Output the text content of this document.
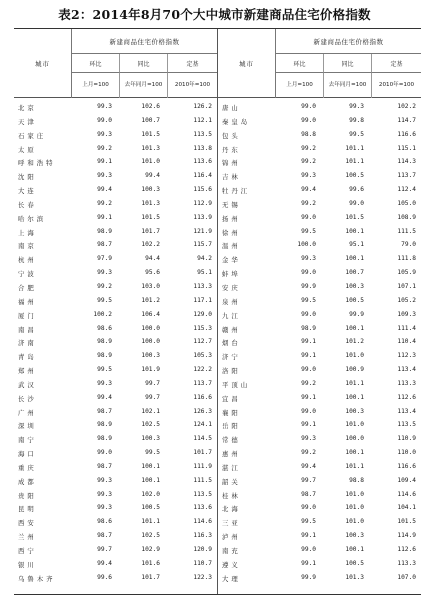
表2：2014年8月70个大中城市新建商品住宅价格指数
城市
新建商品住宅价格指数
环比	同比	定基
上月=100	去年同月=100	2010年=100
北京	99.3	102.6	126.2
天津	99.0	100.7	112.1
石家庄	99.3	101.5	113.5
太原	99.2	101.3	113.8
呼和浩特	99.1	101.0	113.6
沈阳	99.3	99.4	116.4
大连	99.4	100.3	115.6
长春	99.2	101.3	112.9
哈尔滨	99.1	101.5	113.9
上海	98.9	101.7	121.9
南京	98.7	102.2	115.7
杭州	97.9	94.4	94.2
宁波	99.3	95.6	95.1
合肥	99.2	103.0	113.3
福州	99.5	101.2	117.1
厦门	100.2	106.4	129.0
南昌	98.6	100.0	115.3
济南	98.9	100.0	112.7
青岛	98.9	100.3	105.3
郑州	99.5	101.9	122.2
武汉	99.3	99.7	113.7
长沙	99.4	99.7	116.6
广州	98.7	102.1	126.3
深圳	98.9	102.5	124.1
南宁	98.9	100.3	114.5
海口	99.0	99.5	101.7
重庆	98.7	100.1	111.9
成都	99.3	100.1	111.5
贵阳	99.3	102.0	113.5
昆明	99.3	100.5	113.6
西安	98.6	101.1	114.6
兰州	98.7	102.5	116.3
西宁	99.7	102.9	120.9
银川	99.4	101.6	110.7
乌鲁木齐	99.6	101.7	122.3
城市
新建商品住宅价格指数
环比	同比	定基
上月=100	去年同月=100	2010年=100
唐山	99.0	99.3	102.2
秦皇岛	99.0	99.8	114.7
包头	98.8	99.5	116.6
丹东	99.2	101.1	115.1
锦州	99.2	101.1	114.3
吉林	99.3	100.5	113.7
牡丹江	99.4	99.6	112.4
无锡	99.2	99.0	105.0
扬州	99.0	101.5	108.9
徐州	99.5	100.1	111.5
温州	100.0	95.1	79.0
金华	99.3	100.1	111.8
蚌埠	99.0	100.7	105.9
安庆	99.9	100.3	107.1
泉州	99.5	100.5	105.2
九江	99.0	99.9	109.3
赣州	98.9	100.1	111.4
烟台	99.1	101.2	110.4
济宁	99.1	101.0	112.3
洛阳	99.0	100.9	113.4
平顶山	99.2	101.1	113.3
宜昌	99.1	100.1	112.6
襄阳	99.0	100.3	113.4
岳阳	99.1	101.0	113.5
常德	99.3	100.0	110.9
惠州	99.2	100.1	110.0
湛江	99.4	101.1	116.6
韶关	99.7	98.8	109.4
桂林	98.7	101.0	114.6
北海	99.0	101.0	104.1
三亚	99.5	101.0	101.5
泸州	99.1	100.3	114.9
南充	99.0	100.1	112.6
遵义	99.1	100.5	113.3
大理	99.9	101.3	107.0
